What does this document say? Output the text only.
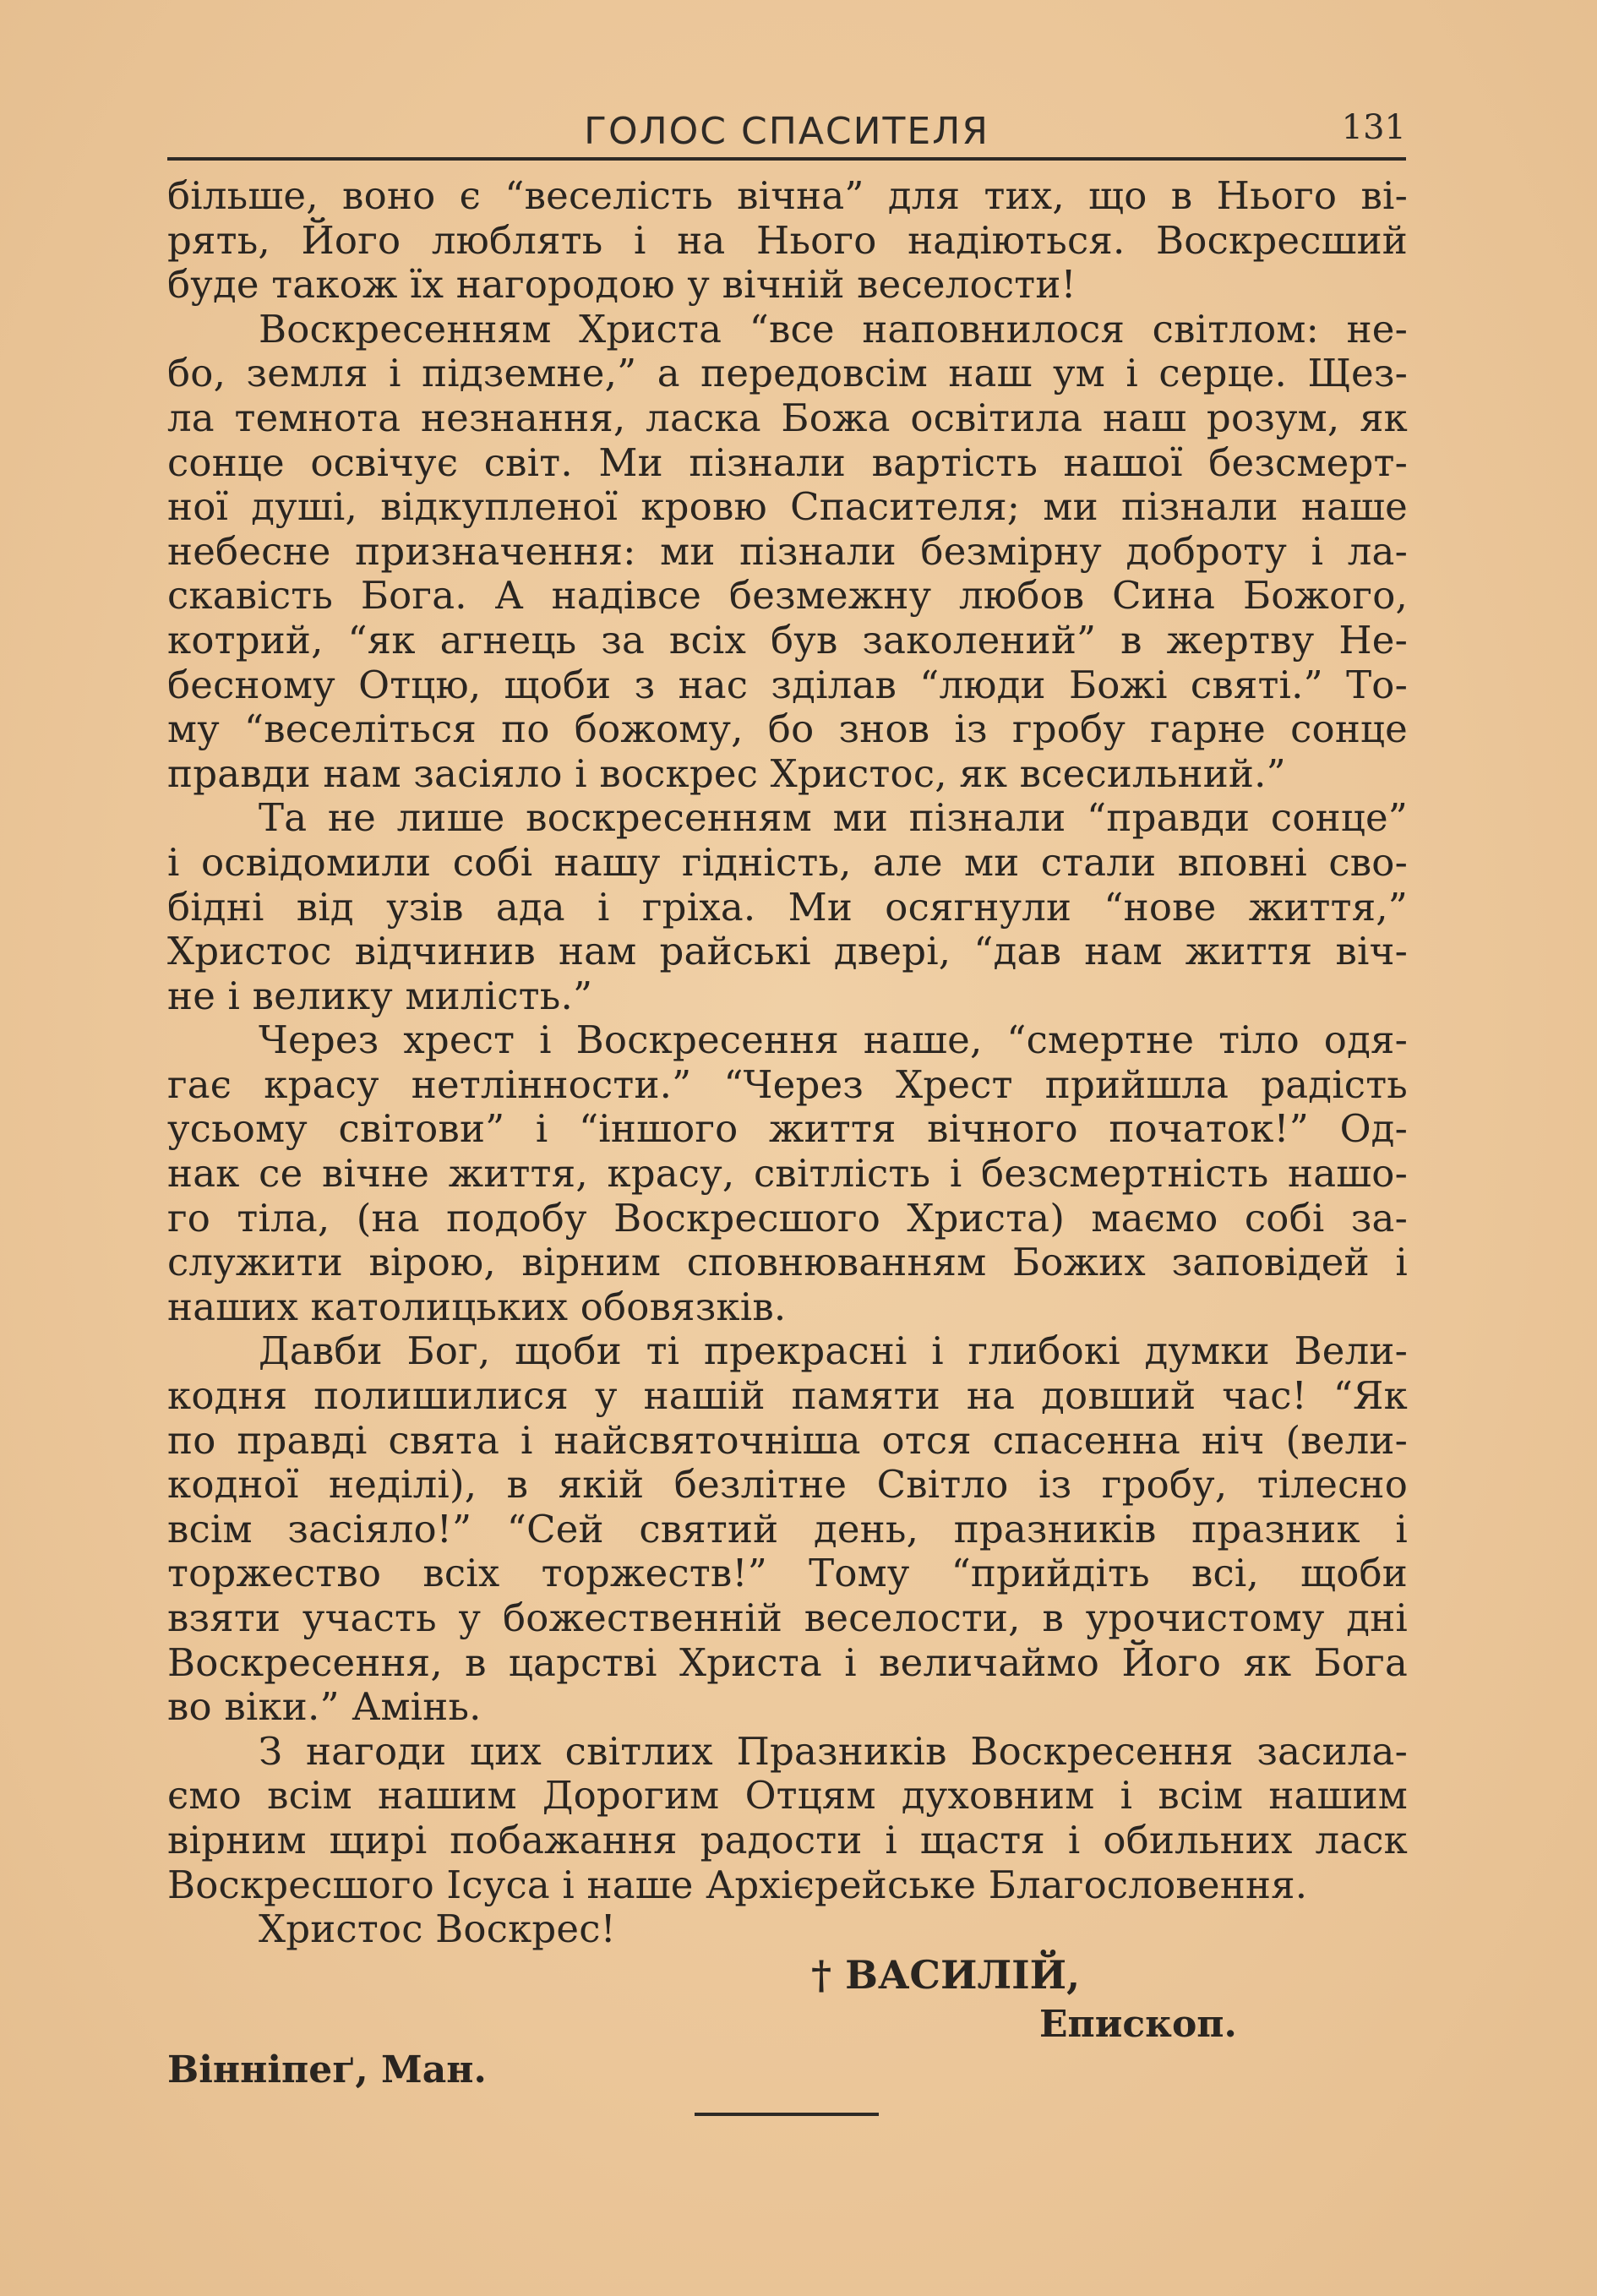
ГОЛОС СПАСИТЕЛЯ	131
більше, воно є “веселість вічна” для тих, що в Нього ві-
рять, Його люблять і на Нього надіються. Воскресший
буде також їх нагородою у вічній веселости!
Воскресенням Христа “все наповнилося світлом: не-
бо, земля і підземне,” а передовсім наш ум і серце. Щез-
ла темнота незнання, ласка Божа освітила наш розум, як
сонце освічує світ. Ми пізнали вартість нашої безсмерт-
ної душі, відкупленої кровю Спасителя; ми пізнали наше
небесне призначення: ми пізнали безмірну доброту і ла-
скавість Бога. А надівсе безмежну любов Сина Божого,
котрий, “як агнець за всіх був заколений” в жертву Не-
бесному Отцю, щоби з нас зділав “люди Божі святі.” То-
му “веселіться по божому, бо знов із гробу гарне сонце
правди нам засіяло і воскрес Христос, як всесильний.”
Та не лише воскресенням ми пізнали “правди сонце”
і освідомили собі нашу гідність, але ми стали вповні сво-
бідні від узів ада і гріха. Ми осягнули “нове життя,”
Христос відчинив нам райські двері, “дав нам життя віч-
не і велику милість.”
Через хрест і Воскресення наше, “смертне тіло одя-
гає красу нетлінности.” “Через Хрест прийшла радість
усьому світови” і “іншого життя вічного початок!” Од-
нак се вічне життя, красу, світлість і безсмертність нашо-
го тіла, (на подобу Воскресшого Христа) маємо собі за-
служити вірою, вірним сповнюванням Божих заповідей і
наших католицьких обовязків.
Давби Бог, щоби ті прекрасні і глибокі думки Вели-
кодня полишилися у нашій памяти на довший час! “Як
по правді свята і найсвяточніша отся спасенна ніч (вели-
кодної неділі), в якій безлітне Світло із гробу, тілесно
всім засіяло!” “Сей святий день, празників празник і
торжество всіх торжеств!” Тому “прийдіть всі, щоби
взяти участь у божественній веселости, в урочистому дні
Воскресення, в царстві Христа і величаймо Його як Бога
во віки.” Амінь.
З нагоди цих світлих Празників Воскресення засила-
ємо всім нашим Дорогим Отцям духовним і всім нашим
вірним щирі побажання радости і щастя і обильних ласк
Воскресшого Ісуса і наше Архієрейське Благословення.
Христос Воскрес!
† ВАСИЛІЙ,
Епископ.
Вінніпеґ, Ман.
